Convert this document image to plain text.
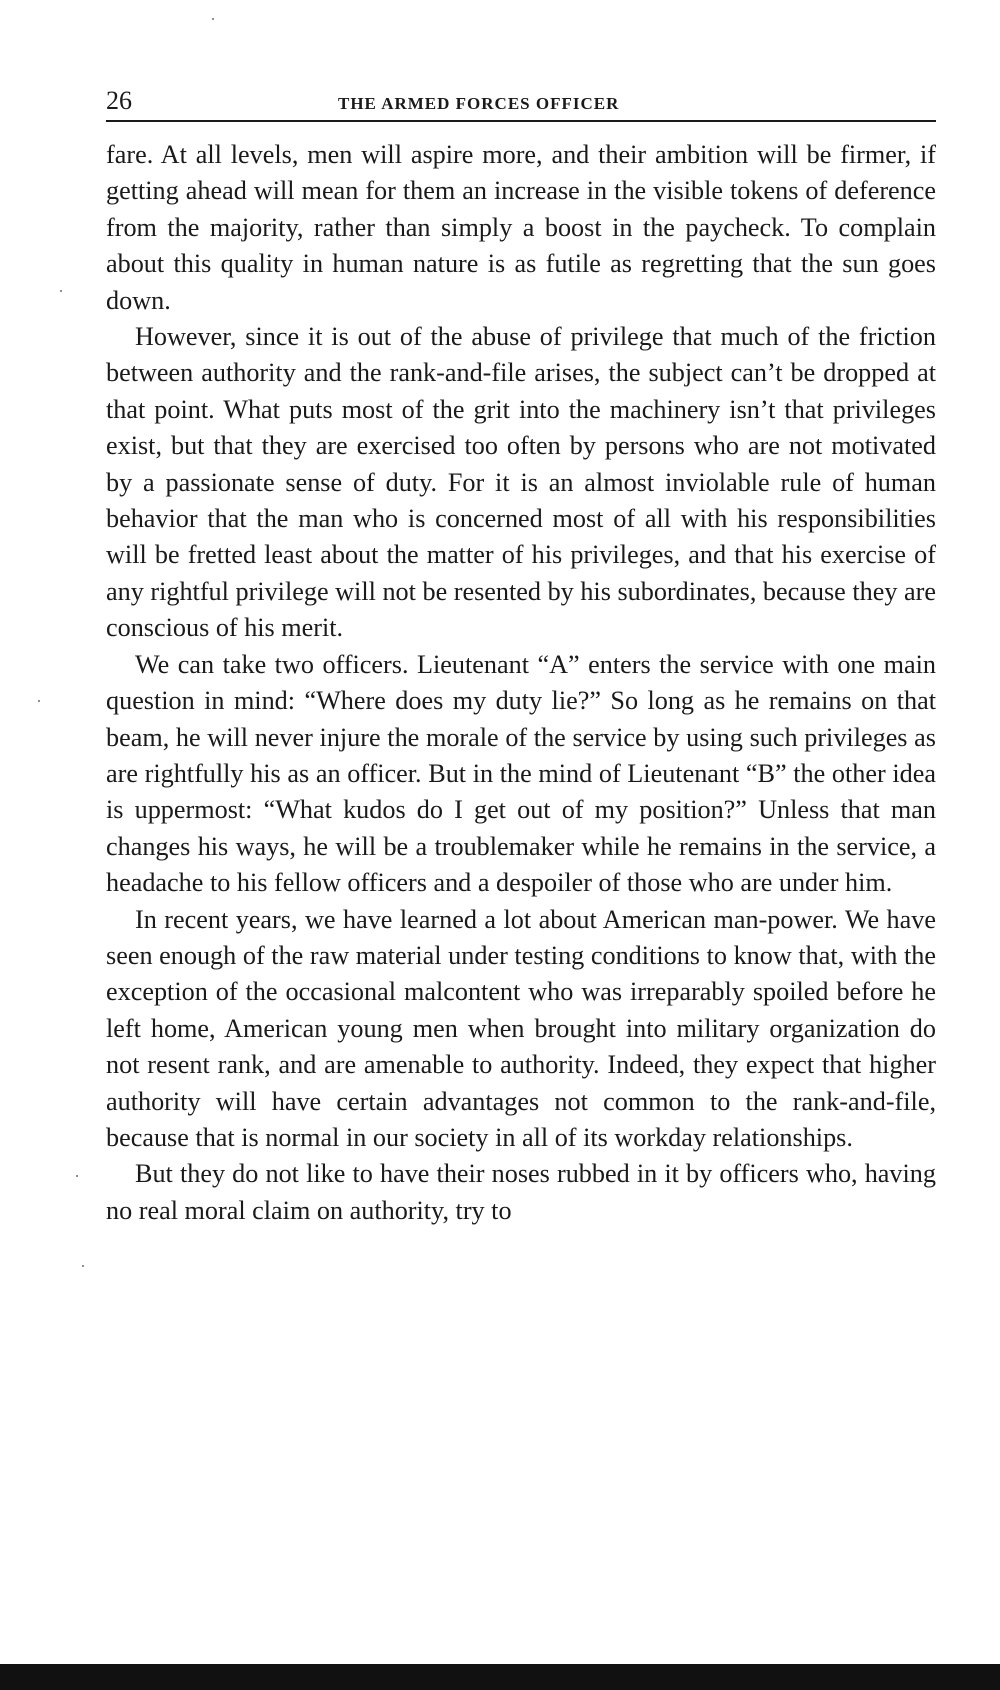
26	THE ARMED FORCES OFFICER

fare. At all levels, men will aspire more, and their ambition will be firmer, if getting ahead will mean for them an increase in the visible tokens of deference from the majority, rather than simply a boost in the paycheck. To complain about this quality in human nature is as futile as regretting that the sun goes down.

However, since it is out of the abuse of privilege that much of the friction between authority and the rank-and-file arises, the subject can’t be dropped at that point. What puts most of the grit into the machinery isn’t that privileges exist, but that they are exercised too often by persons who are not motivated by a passionate sense of duty. For it is an almost inviolable rule of human behavior that the man who is concerned most of all with his responsibilities will be fretted least about the matter of his privileges, and that his exercise of any rightful privilege will not be resented by his subordinates, because they are conscious of his merit.

We can take two officers. Lieutenant “A” enters the service with one main question in mind: “Where does my duty lie?” So long as he remains on that beam, he will never injure the morale of the service by using such privileges as are rightfully his as an officer. But in the mind of Lieutenant “B” the other idea is uppermost: “What kudos do I get out of my position?” Unless that man changes his ways, he will be a troublemaker while he remains in the service, a headache to his fellow officers and a despoiler of those who are under him.

In recent years, we have learned a lot about American man-power. We have seen enough of the raw material under testing conditions to know that, with the exception of the occasional malcontent who was irreparably spoiled before he left home, American young men when brought into military organization do not resent rank, and are amenable to authority. Indeed, they expect that higher authority will have certain advantages not common to the rank-and-file, because that is normal in our society in all of its workday relationships.

But they do not like to have their noses rubbed in it by officers who, having no real moral claim on authority, try to
